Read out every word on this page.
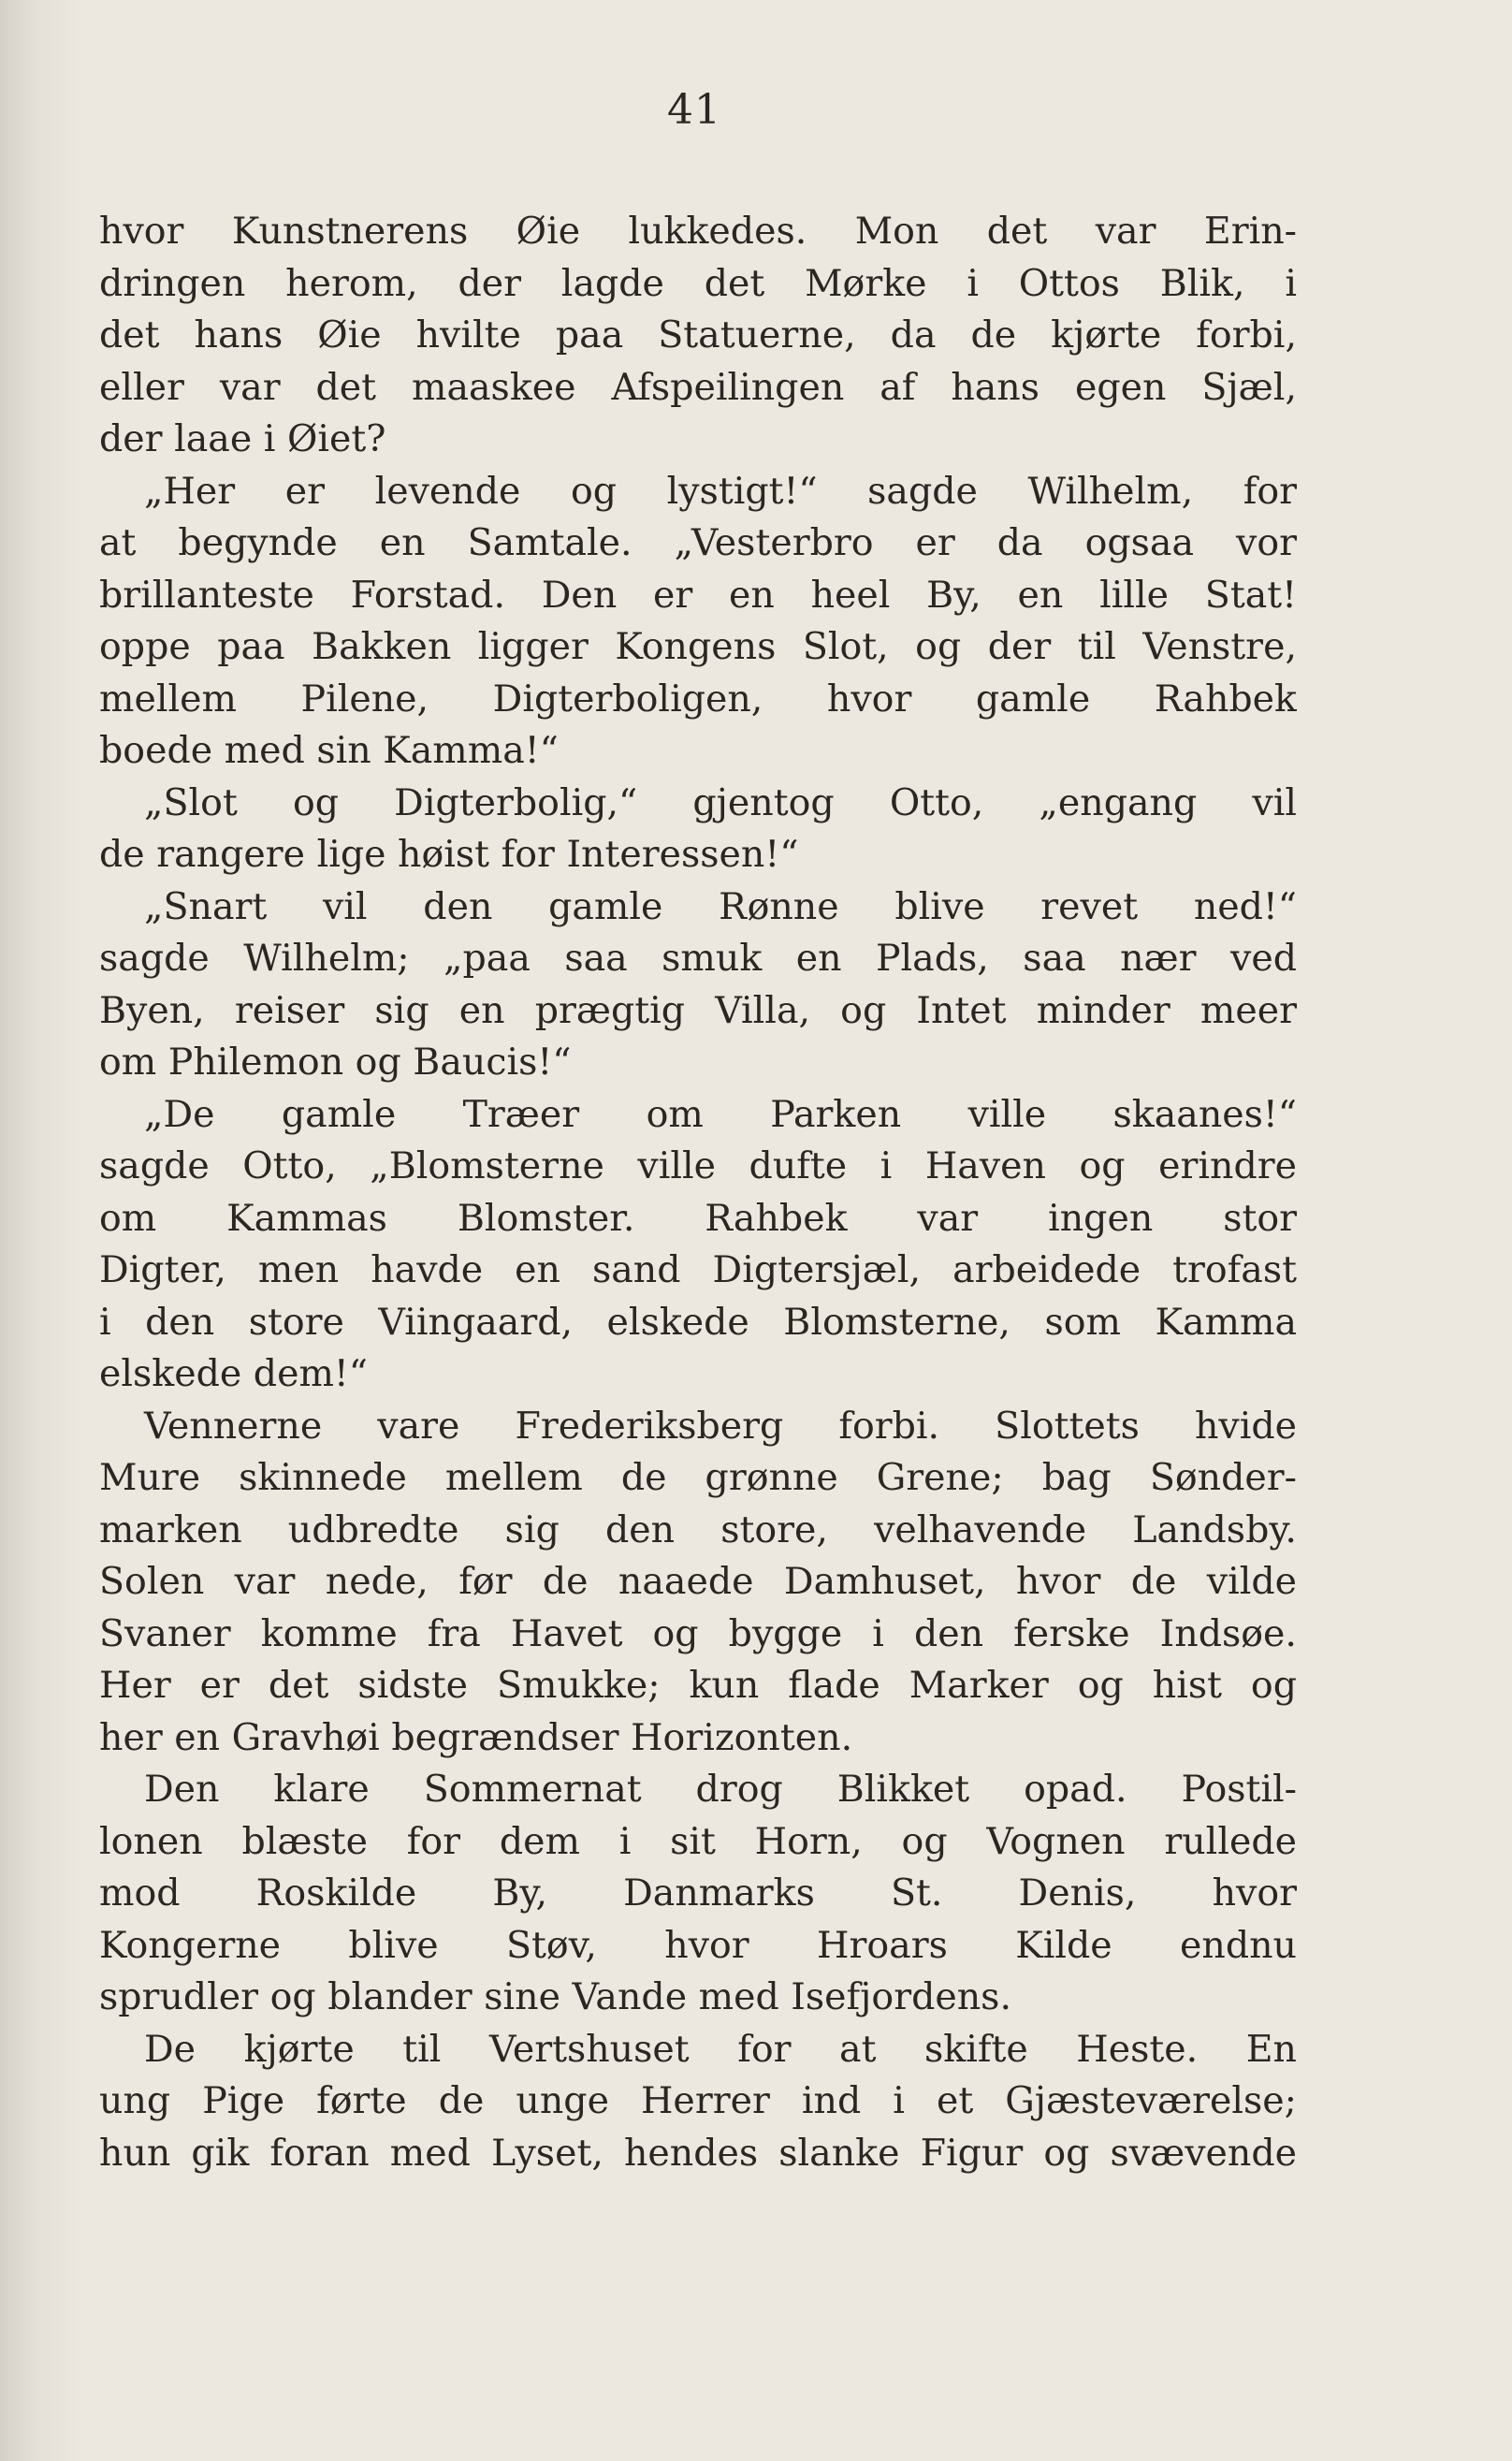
41
hvor Kunstnerens Øie lukkedes. Mon det var Erin-
dringen herom, der lagde det Mørke i Ottos Blik, i
det hans Øie hvilte paa Statuerne, da de kjørte forbi,
eller var det maaskee Afspeilingen af hans egen Sjæl,
der laae i Øiet?
„Her er levende og lystigt!“ sagde Wilhelm, for
at begynde en Samtale. „Vesterbro er da ogsaa vor
brillanteste Forstad. Den er en heel By, en lille Stat!
oppe paa Bakken ligger Kongens Slot, og der til Venstre,
mellem Pilene, Digterboligen, hvor gamle Rahbek
boede med sin Kamma!“
„Slot og Digterbolig,“ gjentog Otto, „engang vil
de rangere lige høist for Interessen!“
„Snart vil den gamle Rønne blive revet ned!“
sagde Wilhelm; „paa saa smuk en Plads, saa nær ved
Byen, reiser sig en prægtig Villa, og Intet minder meer
om Philemon og Baucis!“
„De gamle Træer om Parken ville skaanes!“
sagde Otto, „Blomsterne ville dufte i Haven og erindre
om Kammas Blomster. Rahbek var ingen stor
Digter, men havde en sand Digtersjæl, arbeidede trofast
i den store Viingaard, elskede Blomsterne, som Kamma
elskede dem!“
Vennerne vare Frederiksberg forbi. Slottets hvide
Mure skinnede mellem de grønne Grene; bag Sønder-
marken udbredte sig den store, velhavende Landsby.
Solen var nede, før de naaede Damhuset, hvor de vilde
Svaner komme fra Havet og bygge i den ferske Indsøe.
Her er det sidste Smukke; kun flade Marker og hist og
her en Gravhøi begrændser Horizonten.
Den klare Sommernat drog Blikket opad. Postil-
lonen blæste for dem i sit Horn, og Vognen rullede
mod Roskilde By, Danmarks St. Denis, hvor
Kongerne blive Støv, hvor Hroars Kilde endnu
sprudler og blander sine Vande med Isefjordens.
De kjørte til Vertshuset for at skifte Heste. En
ung Pige førte de unge Herrer ind i et Gjæsteværelse;
hun gik foran med Lyset, hendes slanke Figur og svævende
